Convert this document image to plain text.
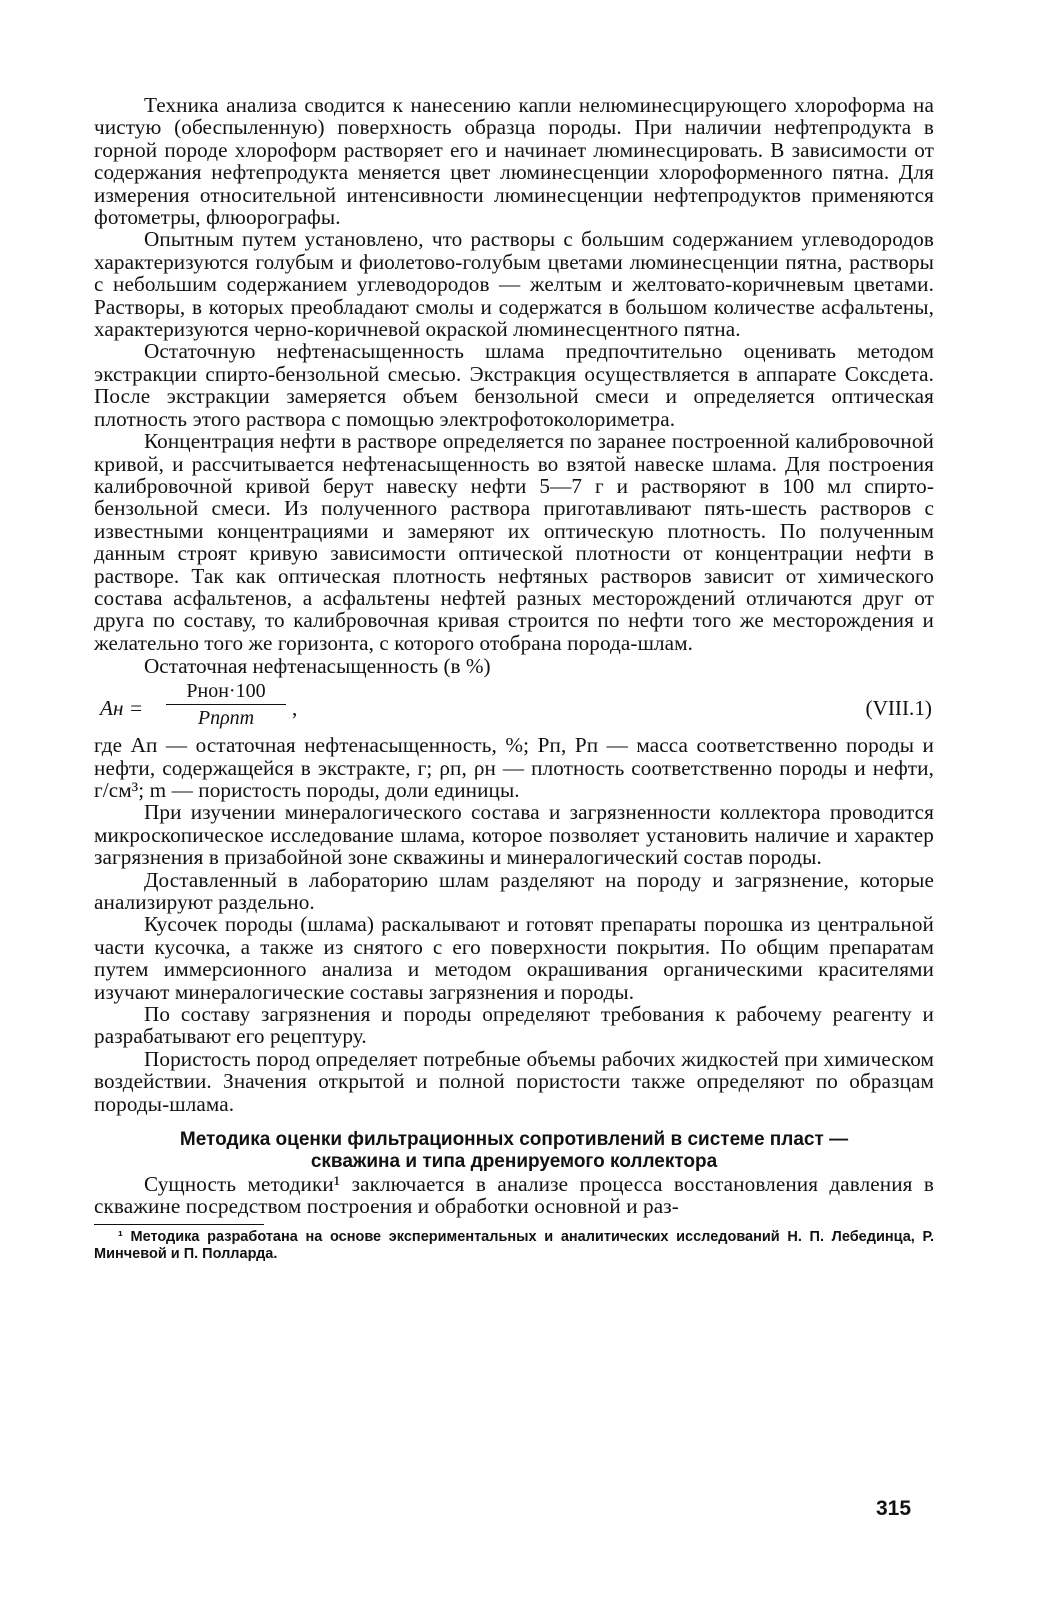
Техника анализа сводится к нанесению капли нелюминесцирующего хлороформа на чистую (обеспыленную) поверхность образца породы. При наличии нефтепродукта в горной породе хлороформ растворяет его и начинает люминесцировать. В зависимости от содержания нефтепродукта меняется цвет люминесценции хлороформенного пятна. Для измерения относительной интенсивности люминесценции нефтепродуктов применяются фотометры, флюорографы.

Опытным путем установлено, что растворы с большим содержанием углеводородов характеризуются голубым и фиолетово-голубым цветами люминесценции пятна, растворы с небольшим содержанием углеводородов — желтым и желтовато-коричневым цветами. Растворы, в которых преобладают смолы и содержатся в большом количестве асфальтены, характеризуются черно-коричневой окраской люминесцентного пятна.

Остаточную нефтенасыщенность шлама предпочтительно оценивать методом экстракции спирто-бензольной смесью. Экстракция осуществляется в аппарате Соксдета. После экстракции замеряется объем бензольной смеси и определяется оптическая плотность этого раствора с помощью электрофотоколориметра.

Концентрация нефти в растворе определяется по заранее построенной калибровочной кривой, и рассчитывается нефтенасыщенность во взятой навеске шлама. Для построения калибровочной кривой берут навеску нефти 5—7 г и растворяют в 100 мл спирто-бензольной смеси. Из полученного раствора приготавливают пять-шесть растворов с известными концентрациями и замеряют их оптическую плотность. По полученным данным строят кривую зависимости оптической плотности от концентрации нефти в растворе. Так как оптическая плотность нефтяных растворов зависит от химического состава асфальтенов, а асфальтены нефтей разных месторождений отличаются друг от друга по составу, то калибровочная кривая строится по нефти того же месторождения и желательно того же горизонта, с которого отобрана порода-шлам.

Остаточная нефтенасыщенность (в %)

Aн =
Pнoн·100
Pпρпm	,	(VIII.1)

где Aп — остаточная нефтенасыщенность, %; Pп, Pп — масса соответственно породы и нефти, содержащейся в экстракте, г; ρп, ρн — плотность соответственно породы и нефти, г/см³; m — пористость породы, доли единицы.

При изучении минералогического состава и загрязненности коллектора проводится микроскопическое исследование шлама, которое позволяет установить наличие и характер загрязнения в призабойной зоне скважины и минералогический состав породы.

Доставленный в лабораторию шлам разделяют на породу и загрязнение, которые анализируют раздельно.

Кусочек породы (шлама) раскалывают и готовят препараты порошка из центральной части кусочка, а также из снятого с его поверхности покрытия. По общим препаратам путем иммерсионного анализа и методом окрашивания органическими красителями изучают минералогические составы загрязнения и породы.

По составу загрязнения и породы определяют требования к рабочему реагенту и разрабатывают его рецептуру.

Пористость пород определяет потребные объемы рабочих жидкостей при химическом воздействии. Значения открытой и полной пористости также определяют по образцам породы-шлама.

Методика оценки фильтрационных сопротивлений в системе пласт — скважина и типа дренируемого коллектора

Сущность методики¹ заключается в анализе процесса восстановления давления в скважине посредством построения и обработки основной и раз-

¹ Методика разработана на основе экспериментальных и аналитических исследований Н. П. Лебединца, Р. Минчевой и П. Полларда.

315
